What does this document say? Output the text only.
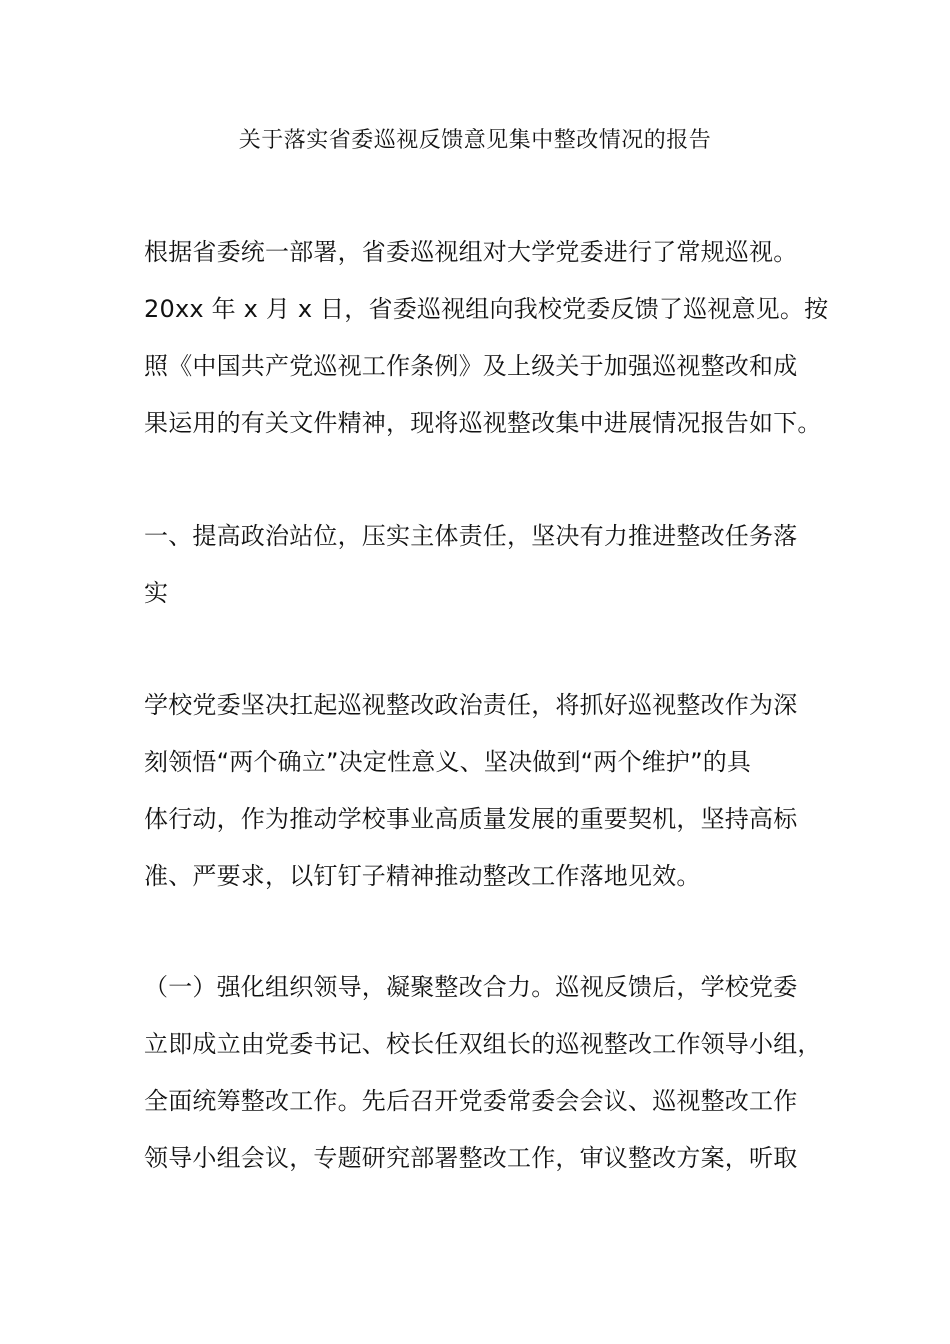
关于落实省委巡视反馈意见集中整改情况的报告
根据省委统一部署，省委巡视组对大学党委进行了常规巡视。
20xx 年 x 月 x 日，省委巡视组向我校党委反馈了巡视意见。按
照《中国共产党巡视工作条例》及上级关于加强巡视整改和成
果运用的有关文件精神，现将巡视整改集中进展情况报告如下。
一、提高政治站位，压实主体责任，坚决有力推进整改任务落
实
学校党委坚决扛起巡视整改政治责任，将抓好巡视整改作为深
刻领悟“两个确立”决定性意义、坚决做到“两个维护”的具
体行动，作为推动学校事业高质量发展的重要契机，坚持高标
准、严要求，以钉钉子精神推动整改工作落地见效。
（一）强化组织领导，凝聚整改合力。巡视反馈后，学校党委
立即成立由党委书记、校长任双组长的巡视整改工作领导小组，
全面统筹整改工作。先后召开党委常委会会议、巡视整改工作
领导小组会议，专题研究部署整改工作，审议整改方案，听取
